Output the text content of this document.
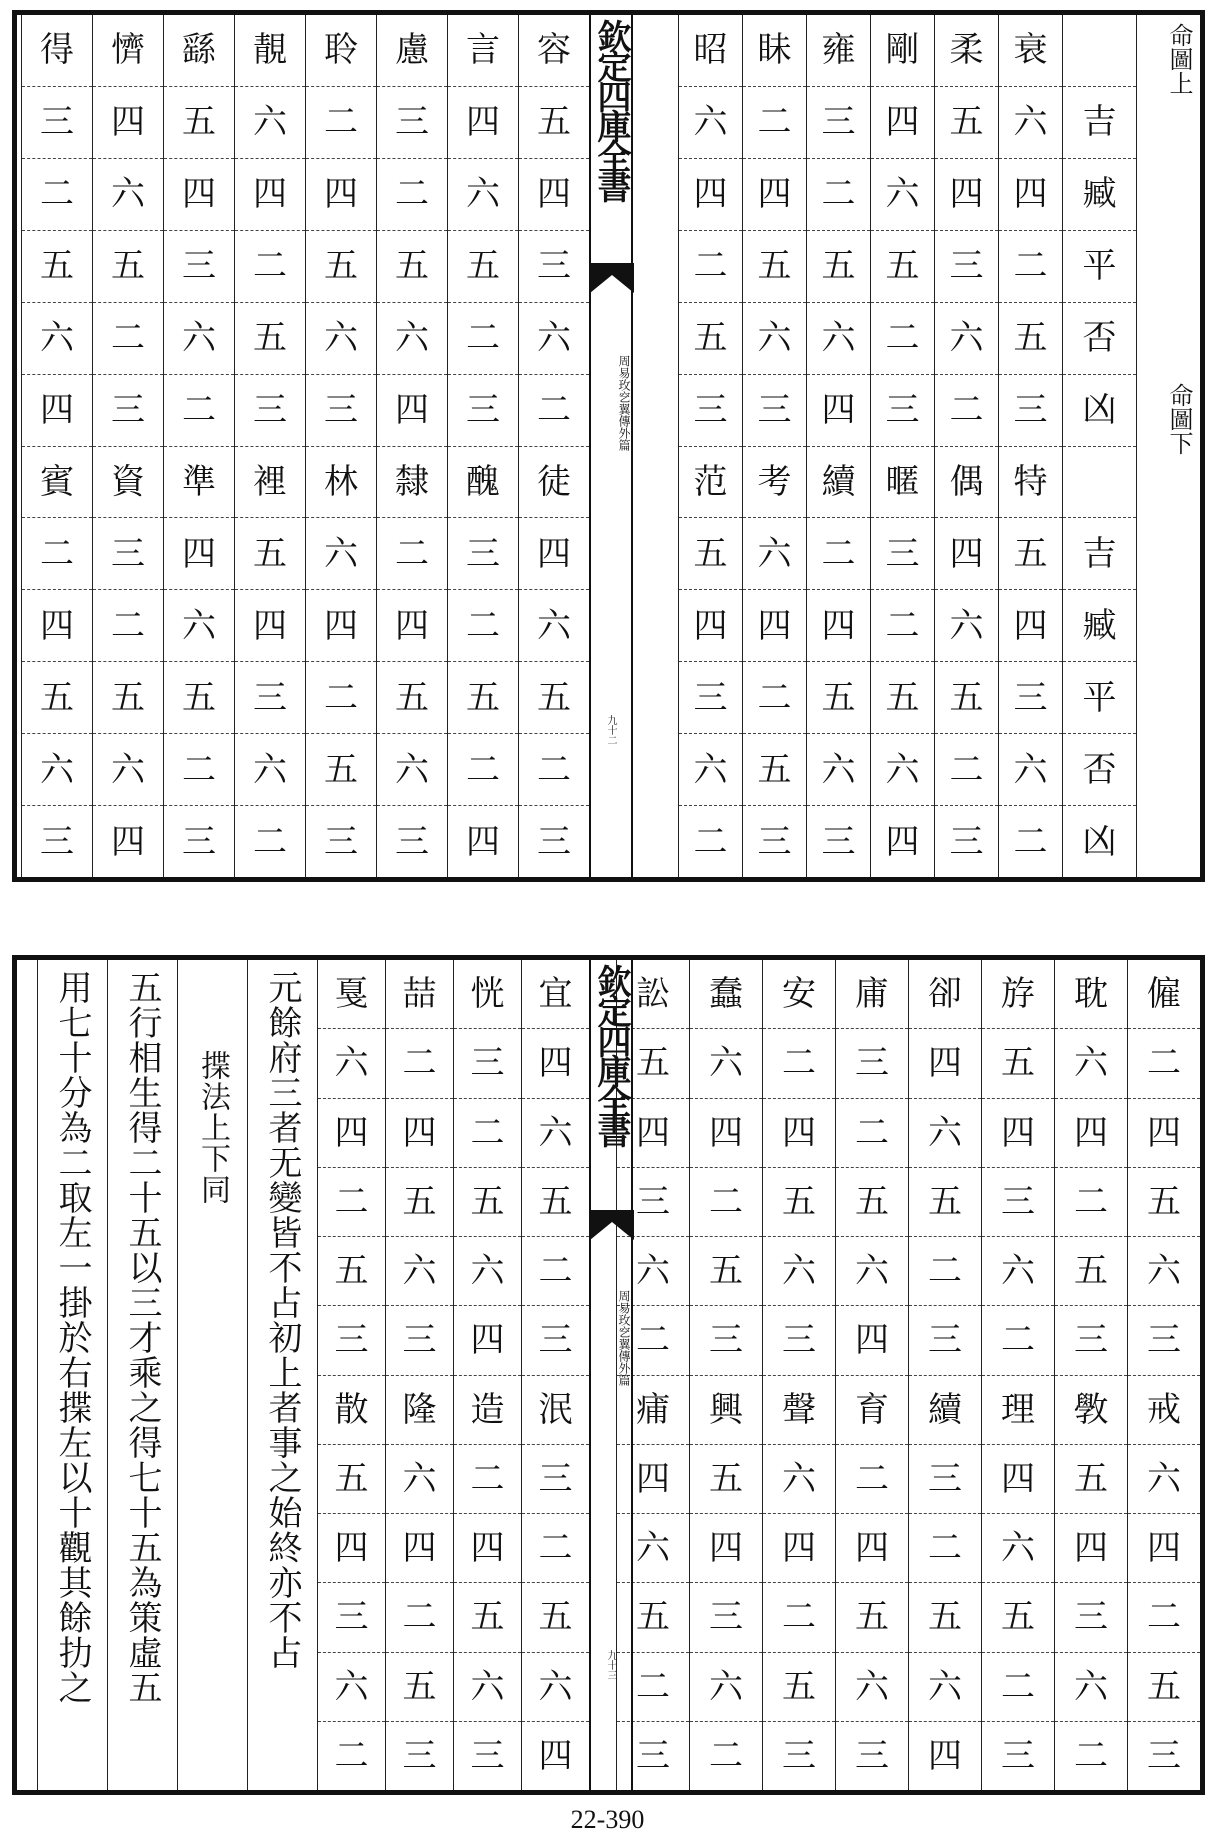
命圖上
命圖下
吉
臧
平
否
凶
吉
臧
平
否
凶
衰
六
四
二
五
三
特
五
四
三
六
二
柔
五
四
三
六
二
偶
四
六
五
二
三
剛
四
六
五
二
三
暱
三
二
五
六
四
雍
三
二
五
六
四
續
二
四
五
六
三
眛
二
四
五
六
三
考
六
四
二
五
三
昭
六
四
二
五
三
范
五
四
三
六
二
欽定四庫全書
周易玫穵翼傳外篇
九十二
容
五
四
三
六
二
徒
四
六
五
二
三
言
四
六
五
二
三
醜
三
二
五
二
四
慮
三
二
五
六
四
隸
二
四
五
六
三
聆
二
四
五
六
三
林
六
四
二
五
三
靚
六
四
二
五
三
裡
五
四
三
六
二
繇
五
四
三
六
二
準
四
六
五
二
三
懠
四
六
五
二
三
資
三
二
五
六
四
得
三
二
五
六
四
賓
二
四
五
六
三
僱
二
四
五
六
三
戒
六
四
二
五
三
耽
六
四
二
五
三
斆
五
四
三
六
二
斿
五
四
三
六
二
理
四
六
五
二
三
卻
四
六
五
二
三
續
三
二
五
六
四
庯
三
二
五
六
四
育
二
四
五
六
三
安
二
四
五
六
三
聲
六
四
二
五
三
蠢
六
四
二
五
三
興
五
四
三
六
二
訟
五
四
三
六
二
痡
四
六
五
二
三
欽定四庫全書
周易玫穵翼傳外篇
九十三
宜
四
六
五
二
三
泯
三
二
五
六
四
恍
三
二
五
六
四
造
二
四
五
六
三
喆
二
四
五
六
三
隆
六
四
二
五
三
戛
六
四
二
五
三
散
五
四
三
六
二
元餘府三者无變皆不占初上者事之始終亦不占
揲法上下同
五行相生得二十五以三才乘之得七十五為策虛五
用七十分為二取左一掛於右揲左以十觀其餘扐之
22-390
